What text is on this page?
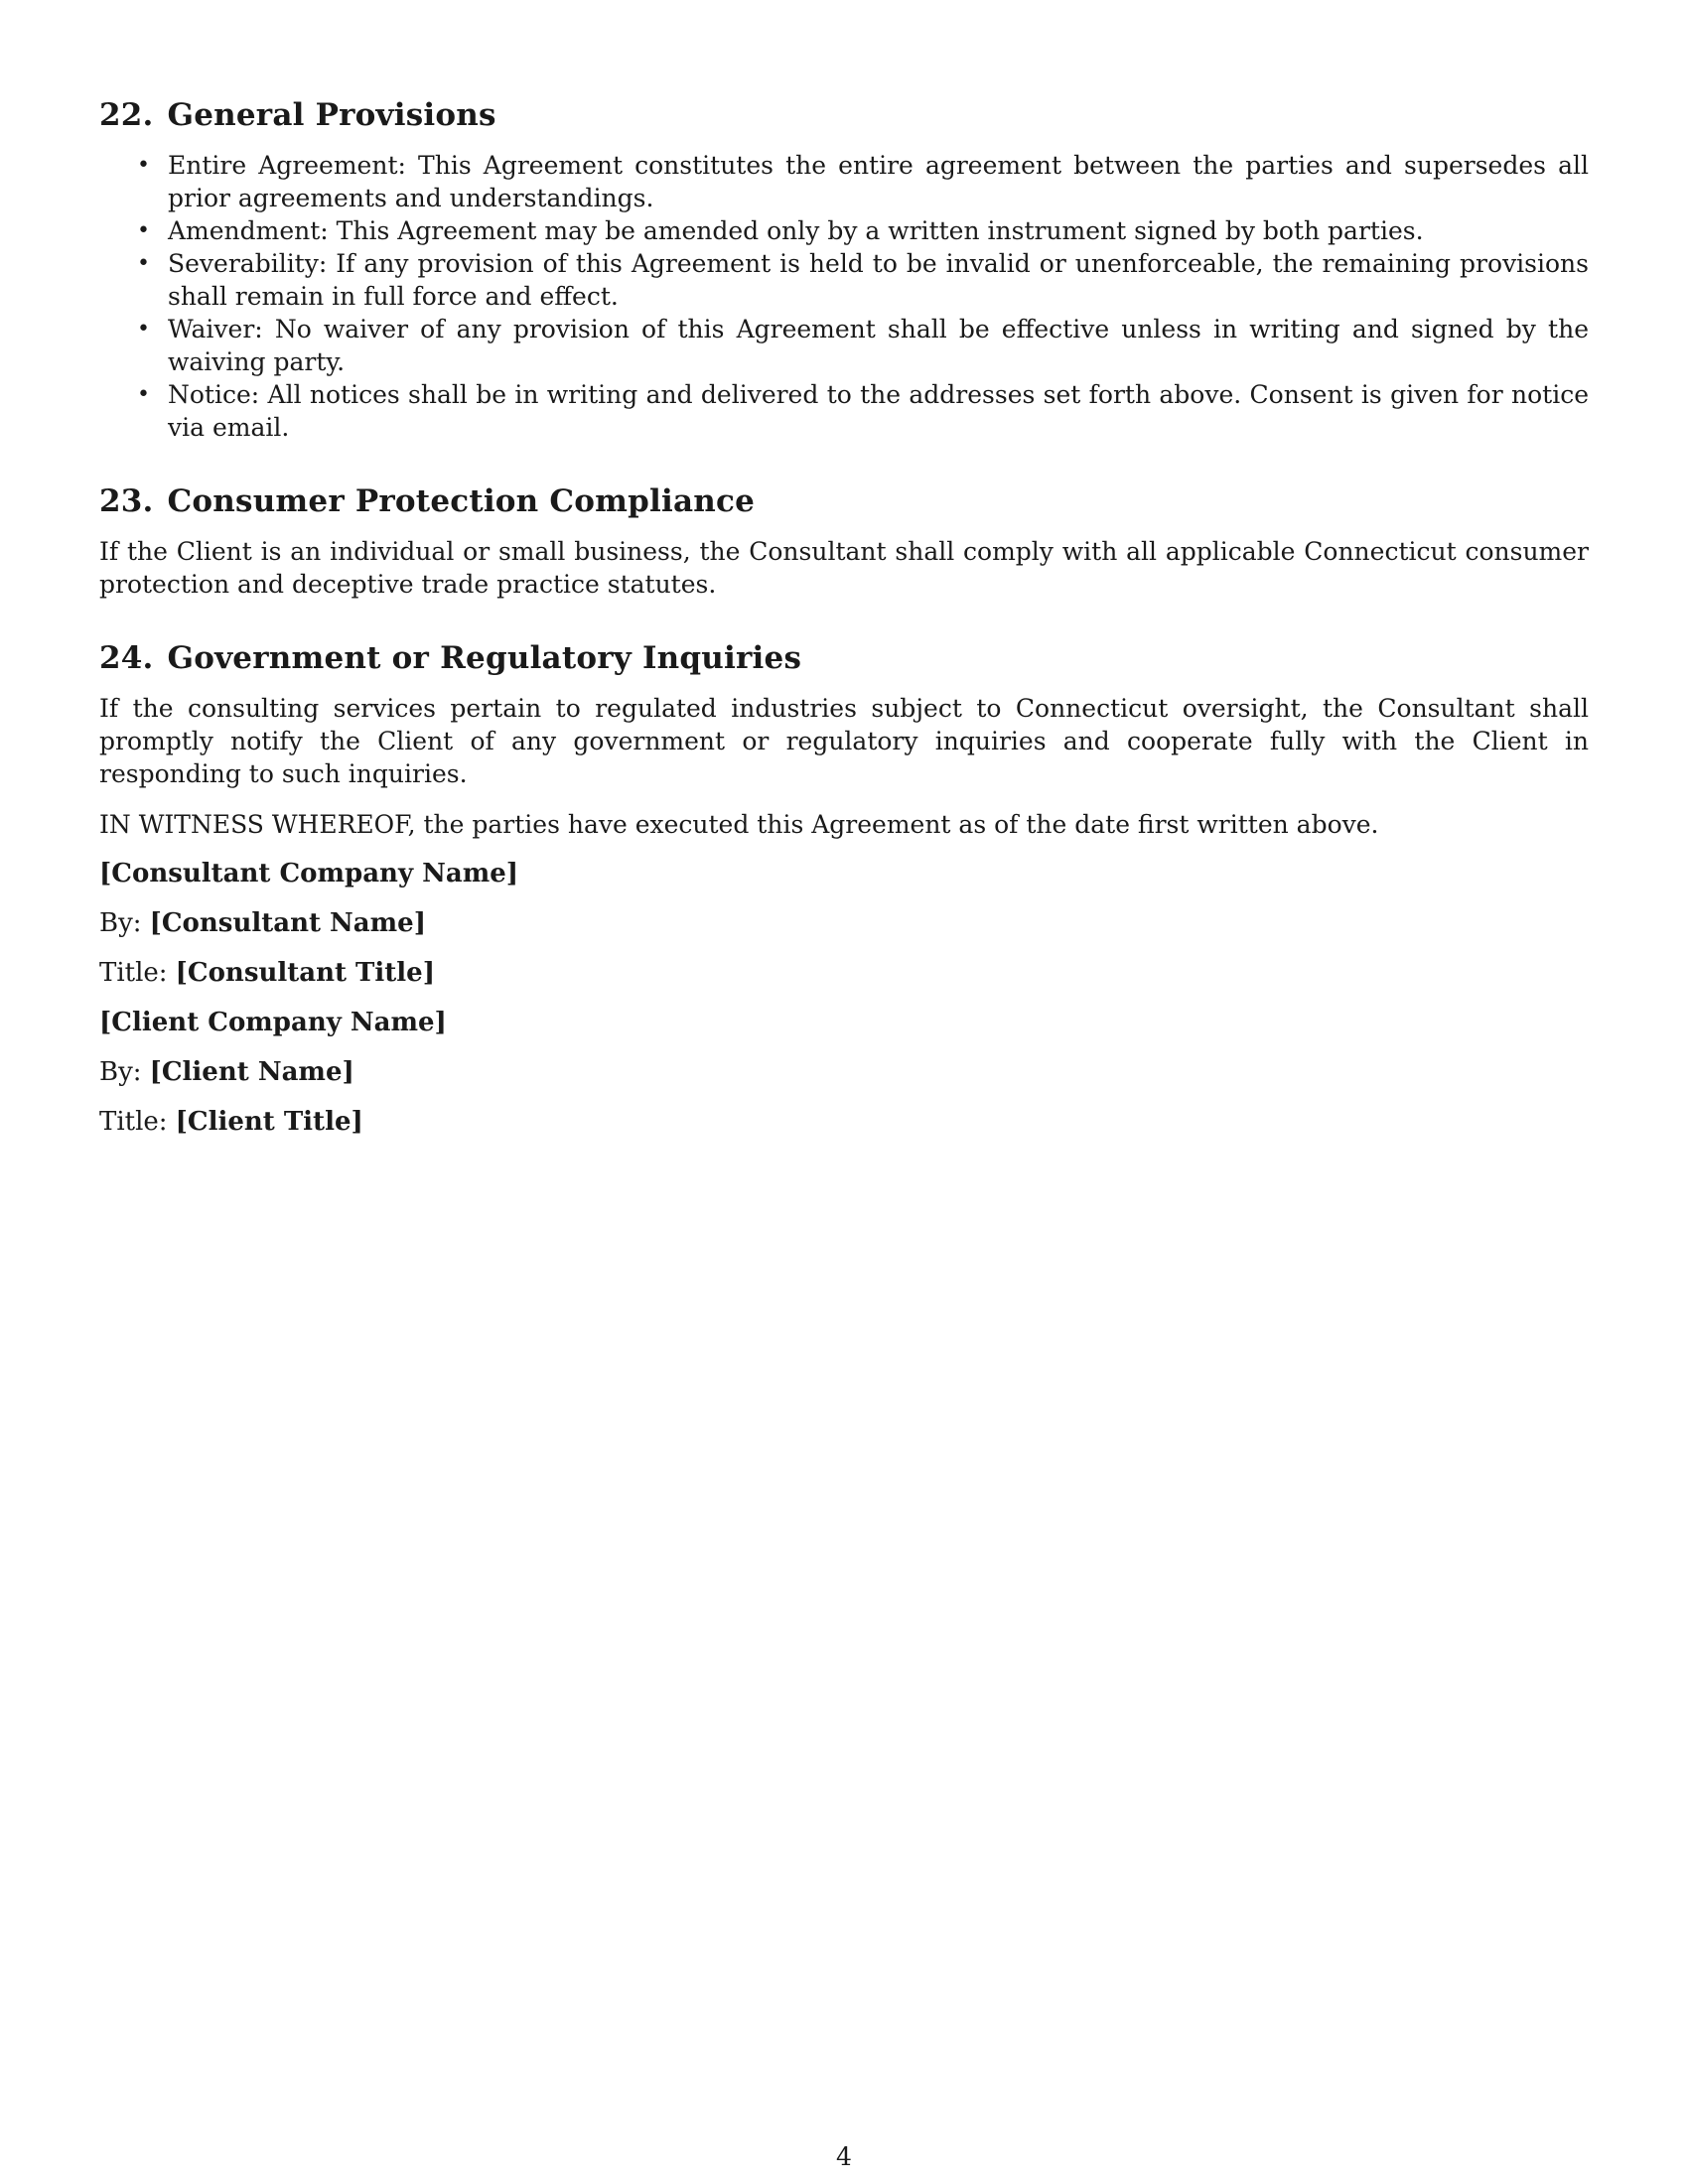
22. General Provisions
• Entire Agreement: This Agreement constitutes the entire agreement between the parties and supersedes all prior agreements and understandings.
• Amendment: This Agreement may be amended only by a written instrument signed by both parties.
• Severability: If any provision of this Agreement is held to be invalid or unenforceable, the remaining provisions shall remain in full force and effect.
• Waiver: No waiver of any provision of this Agreement shall be effective unless in writing and signed by the waiving party.
• Notice: All notices shall be in writing and delivered to the addresses set forth above. Consent is given for notice via email.
23. Consumer Protection Compliance

If the Client is an individual or small business, the Consultant shall comply with all applicable Connecticut consumer protection and deceptive trade practice statutes.

24. Government or Regulatory Inquiries

If the consulting services pertain to regulated industries subject to Connecticut oversight, the Consultant shall promptly notify the Client of any government or regulatory inquiries and cooperate fully with the Client in responding to such inquiries.

IN WITNESS WHEREOF, the parties have executed this Agreement as of the date first written above.

[Consultant Company Name]
By: [Consultant Name]
Title: [Consultant Title]
[Client Company Name]
By: [Client Name]
Title: [Client Title]
4
